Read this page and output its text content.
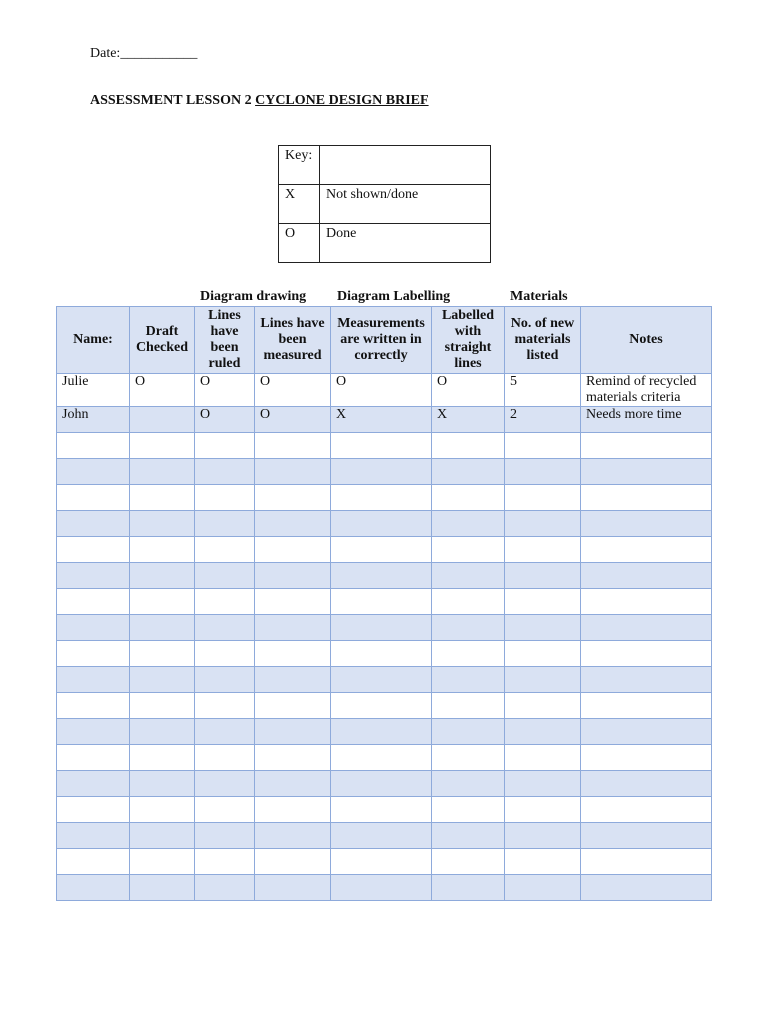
Date:___________
ASSESSMENT LESSON 2 CYCLONE DESIGN BRIEF
Key:	
X	Not shown/done
O	Done
Diagram drawing Diagram Labelling	Materials
Name:	Draft Checked	Lines have been ruled	Lines have been measured	Measurements are written in correctly	Labelled with straight lines	No. of new materials listed	Notes
Julie	O	O	O	O	O	5	Remind of recycled materials criteria
John		O	O	X	X	2	Needs more time
